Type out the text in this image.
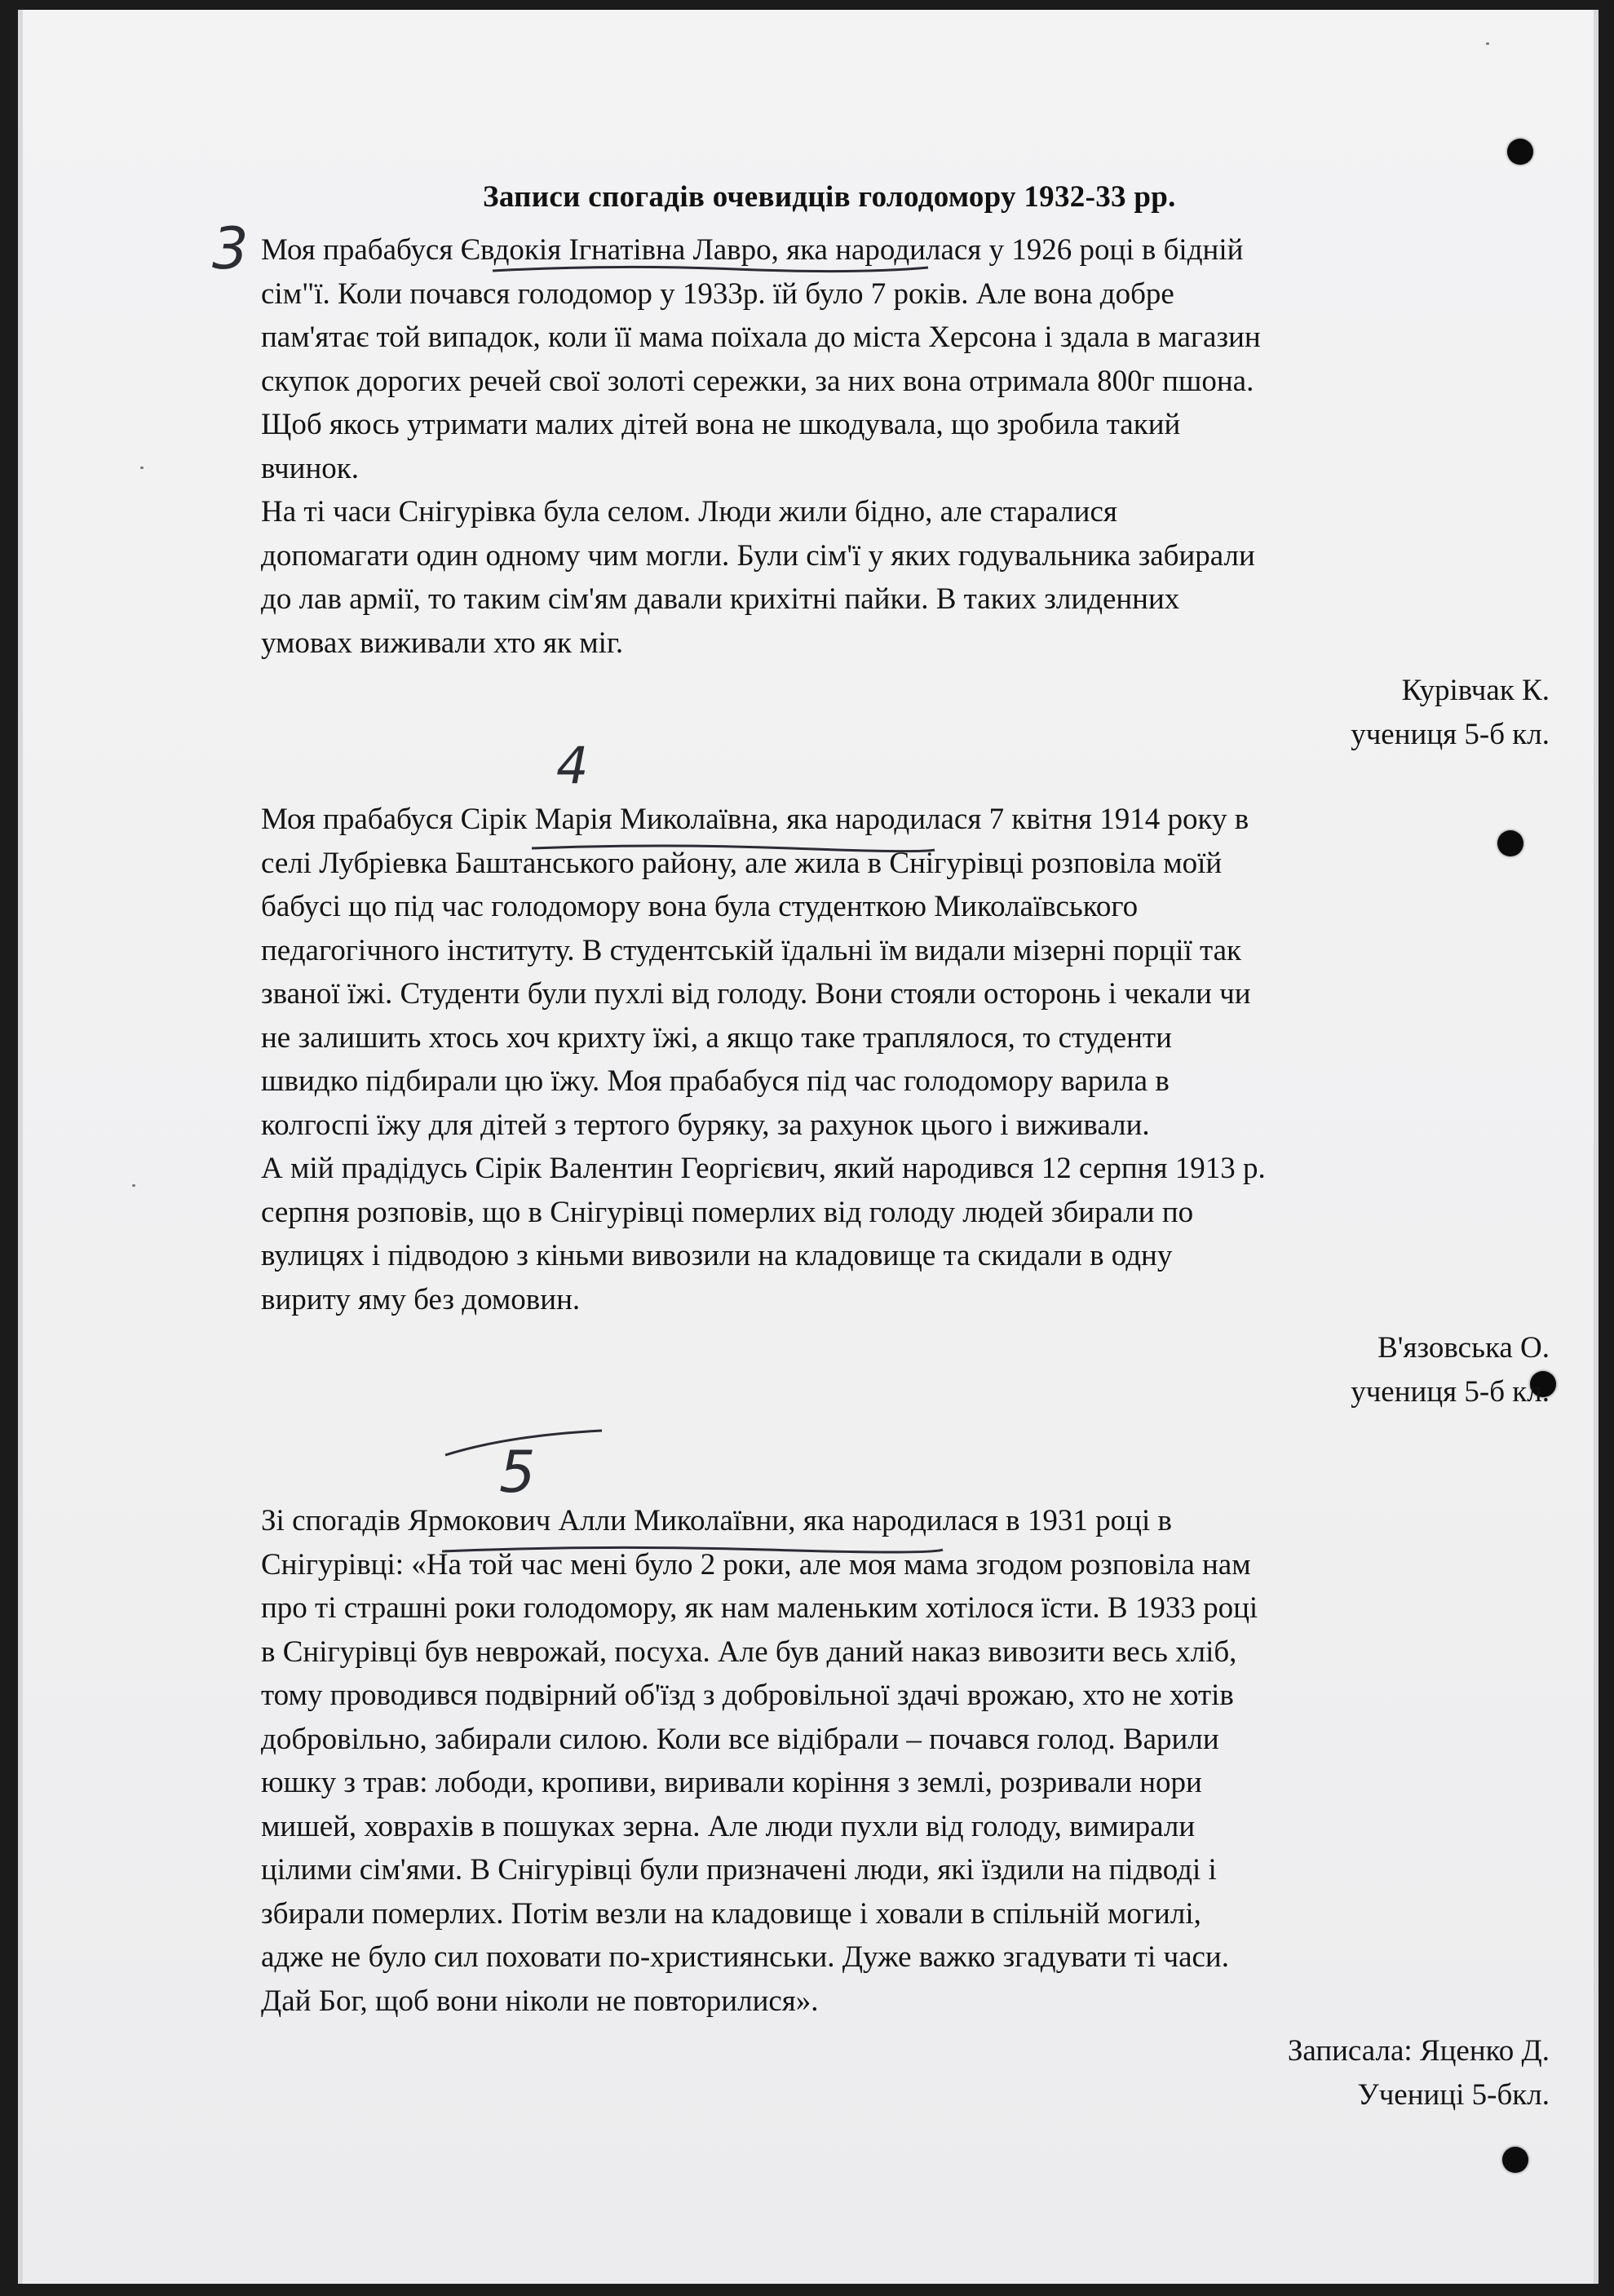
Записи спогадів очевидців голодомору 1932-33 рр.
3 Моя прабабуся Євдокія Ігнатівна Лавро, яка народилася у 1926 році в бідній
сім"ї. Коли почався голодомор у 1933р. їй було 7 років. Але вона добре
пам'ятає той випадок, коли її мама поїхала до міста Херсона і здала в магазин
скупок дорогих речей свої золоті сережки, за них вона отримала 800г пшона.
Щоб якось утримати малих дітей вона не шкодувала, що зробила такий
вчинок.
На ті часи Снігурівка була селом. Люди жили бідно, але старалися
допомагати один одному чим могли. Були сім'ї у яких годувальника забирали
до лав армії, то таким сім'ям давали крихітні пайки. В таких злиденних
умовах виживали хто як міг.
Курівчак К.
учениця 5-б кл.
4
Моя прабабуся Сірік Марія Миколаївна, яка народилася 7 квітня 1914 року в
селі Лубріевка Баштанського району, але жила в Снігурівці розповіла моїй
бабусі що під час голодомору вона була студенткою Миколаївського
педагогічного інституту. В студентській їдальні їм видали мізерні порції так
званої їжі. Студенти були пухлі від голоду. Вони стояли осторонь і чекали чи
не залишить хтось хоч крихту їжі, а якщо таке траплялося, то студенти
швидко підбирали цю їжу. Моя прабабуся під час голодомору варила в
колгоспі їжу для дітей з тертого буряку, за рахунок цього і виживали.
А мій прадідусь Сірік Валентин Георгієвич, який народився 12 серпня 1913 р.
серпня розповів, що в Снігурівці померлих від голоду людей збирали по
вулицях і підводою з кіньми вивозили на кладовище та скидали в одну
вириту яму без домовин.
В'язовська О.
учениця 5-б кл.
5
Зі спогадів Ярмокович Алли Миколаївни, яка народилася в 1931 році в
Снігурівці: «На той час мені було 2 роки, але моя мама згодом розповіла нам
про ті страшні роки голодомору, як нам маленьким хотілося їсти. В 1933 році
в Снігурівці був неврожай, посуха. Але був даний наказ вивозити весь хліб,
тому проводився подвірний об'їзд з добровільної здачі врожаю, хто не хотів
добровільно, забирали силою. Коли все відібрали – почався голод. Варили
юшку з трав: лободи, кропиви, виривали коріння з землі, розривали нори
мишей, ховрахів в пошуках зерна. Але люди пухли від голоду, вимирали
цілими сім'ями. В Снігурівці були призначені люди, які їздили на підводі і
збирали померлих. Потім везли на кладовище і ховали в спільній могилі,
адже не було сил поховати по-християнськи. Дуже важко згадувати ті часи.
Дай Бог, щоб вони ніколи не повторилися».
Записала: Яценко Д.
Учениці 5-бкл.
